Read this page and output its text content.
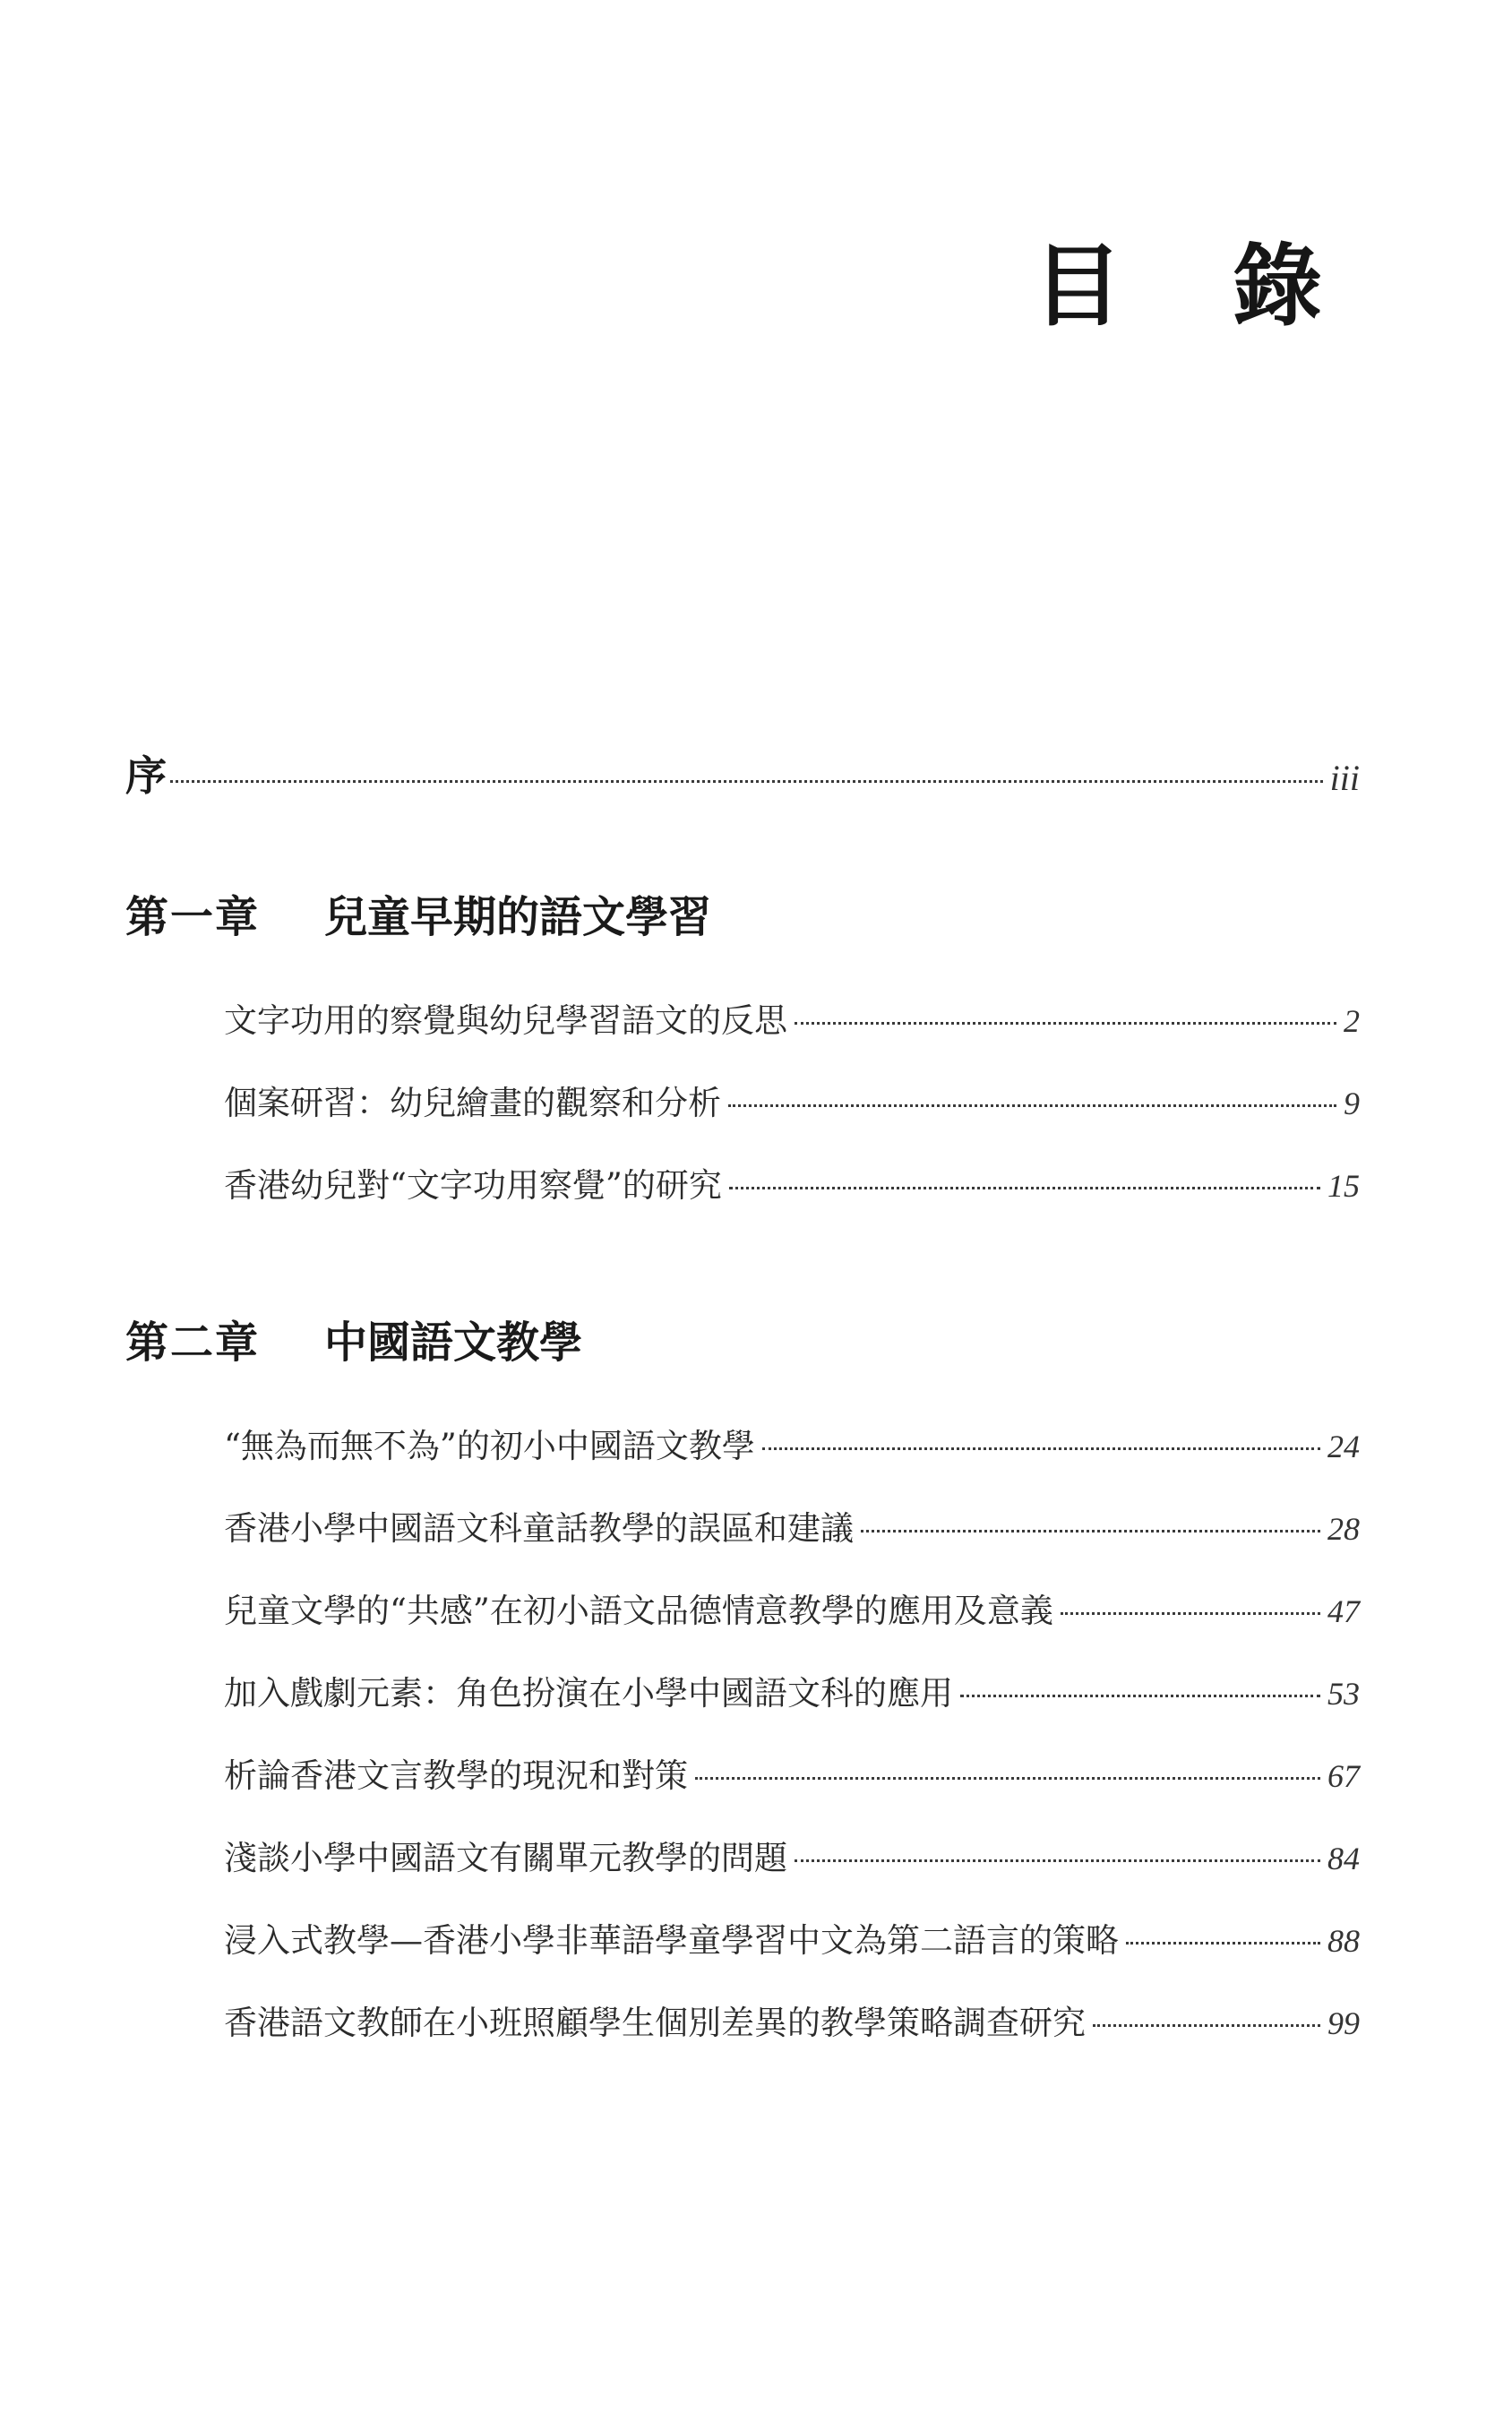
目 錄
序	iii
第一章	兒童早期的語文學習
文字功用的察覺與幼兒學習語文的反思	2
個案研習：幼兒繪畫的觀察和分析	9
香港幼兒對“文字功用察覺”的研究	15
第二章	中國語文教學
“無為而無不為”的初小中國語文教學	24
香港小學中國語文科童話教學的誤區和建議	28
兒童文學的“共感”在初小語文品德情意教學的應用及意義	47
加入戲劇元素：角色扮演在小學中國語文科的應用	53
析論香港文言教學的現況和對策	67
淺談小學中國語文有關單元教學的問題	84
浸入式教學—香港小學非華語學童學習中文為第二語言的策略	88
香港語文教師在小班照顧學生個別差異的教學策略調查研究	99
